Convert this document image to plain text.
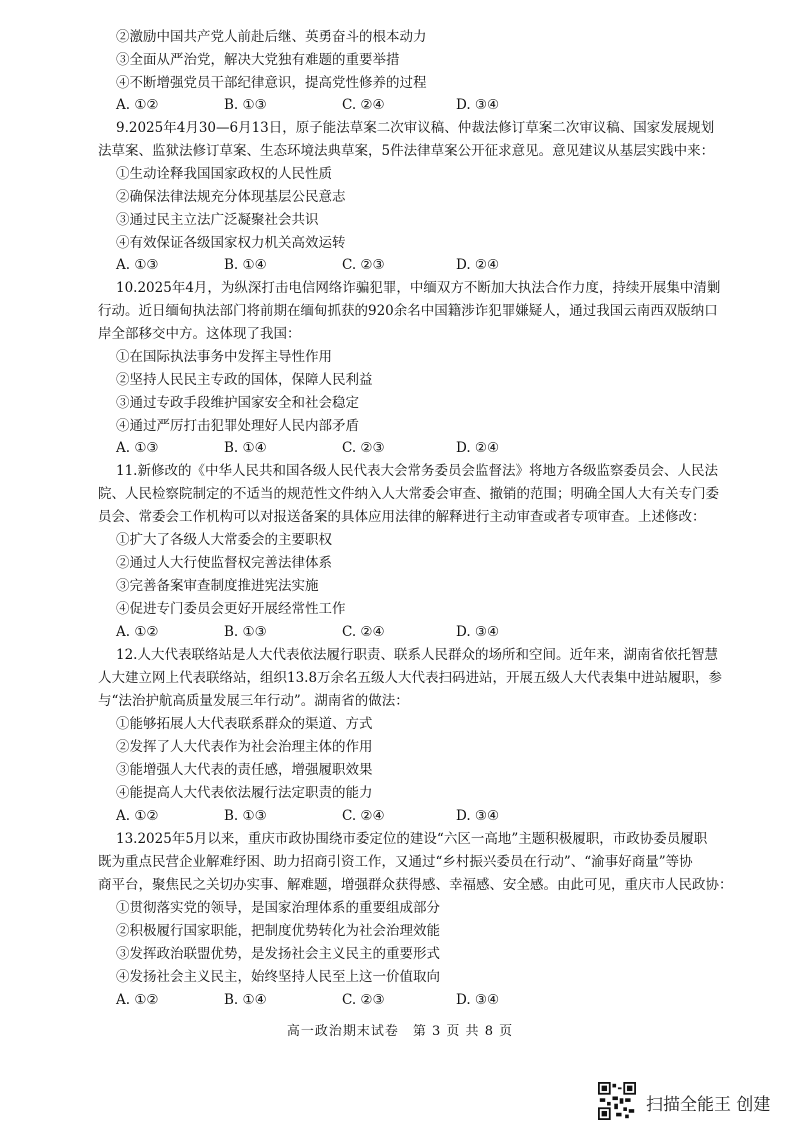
②激励中国共产党人前赴后继、英勇奋斗的根本动力
③全面从严治党，解决大党独有难题的重要举措
④不断增强党员干部纪律意识，提高党性修养的过程
A. ①②	B. ①③	C. ②④	D. ③④
9.2025年4月30—6月13日，原子能法草案二次审议稿、仲裁法修订草案二次审议稿、国家发展规划
法草案、监狱法修订草案、生态环境法典草案，5件法律草案公开征求意见。意见建议从基层实践中来：
①生动诠释我国国家政权的人民性质
②确保法律法规充分体现基层公民意志
③通过民主立法广泛凝聚社会共识
④有效保证各级国家权力机关高效运转
A. ①③	B. ①④	C. ②③	D. ②④
10.2025年4月，为纵深打击电信网络诈骗犯罪，中缅双方不断加大执法合作力度，持续开展集中清剿
行动。近日缅甸执法部门将前期在缅甸抓获的920余名中国籍涉诈犯罪嫌疑人，通过我国云南西双版纳口
岸全部移交中方。这体现了我国：
①在国际执法事务中发挥主导性作用
②坚持人民民主专政的国体，保障人民利益
③通过专政手段维护国家安全和社会稳定
④通过严厉打击犯罪处理好人民内部矛盾
A. ①③	B. ①④	C. ②③	D. ②④
11.新修改的《中华人民共和国各级人民代表大会常务委员会监督法》将地方各级监察委员会、人民法
院、人民检察院制定的不适当的规范性文件纳入人大常委会审查、撤销的范围；明确全国人大有关专门委
员会、常委会工作机构可以对报送备案的具体应用法律的解释进行主动审查或者专项审查。上述修改：
①扩大了各级人大常委会的主要职权
②通过人大行使监督权完善法律体系
③完善备案审查制度推进宪法实施
④促进专门委员会更好开展经常性工作
A. ①②	B. ①③	C. ②④	D. ③④
12.人大代表联络站是人大代表依法履行职责、联系人民群众的场所和空间。近年来，湖南省依托智慧
人大建立网上代表联络站，组织13.8万余名五级人大代表扫码进站，开展五级人大代表集中进站履职，参
与“法治护航高质量发展三年行动”。湖南省的做法：
①能够拓展人大代表联系群众的渠道、方式
②发挥了人大代表作为社会治理主体的作用
③能增强人大代表的责任感，增强履职效果
④能提高人大代表依法履行法定职责的能力
A. ①②	B. ①③	C. ②④	D. ③④
13.2025年5月以来，重庆市政协围绕市委定位的建设“六区一高地”主题积极履职，市政协委员履职
既为重点民营企业解难纾困、助力招商引资工作，又通过“乡村振兴委员在行动”、“渝事好商量”等协
商平台，聚焦民之关切办实事、解难题，增强群众获得感、幸福感、安全感。由此可见，重庆市人民政协：
①贯彻落实党的领导，是国家治理体系的重要组成部分
②积极履行国家职能，把制度优势转化为社会治理效能
③发挥政治联盟优势，是发扬社会主义民主的重要形式
④发扬社会主义民主，始终坚持人民至上这一价值取向
A. ①②	B. ①④	C. ②③	D. ③④
高一政治期末试卷　第 3 页 共 8 页
扫描全能王 创建
